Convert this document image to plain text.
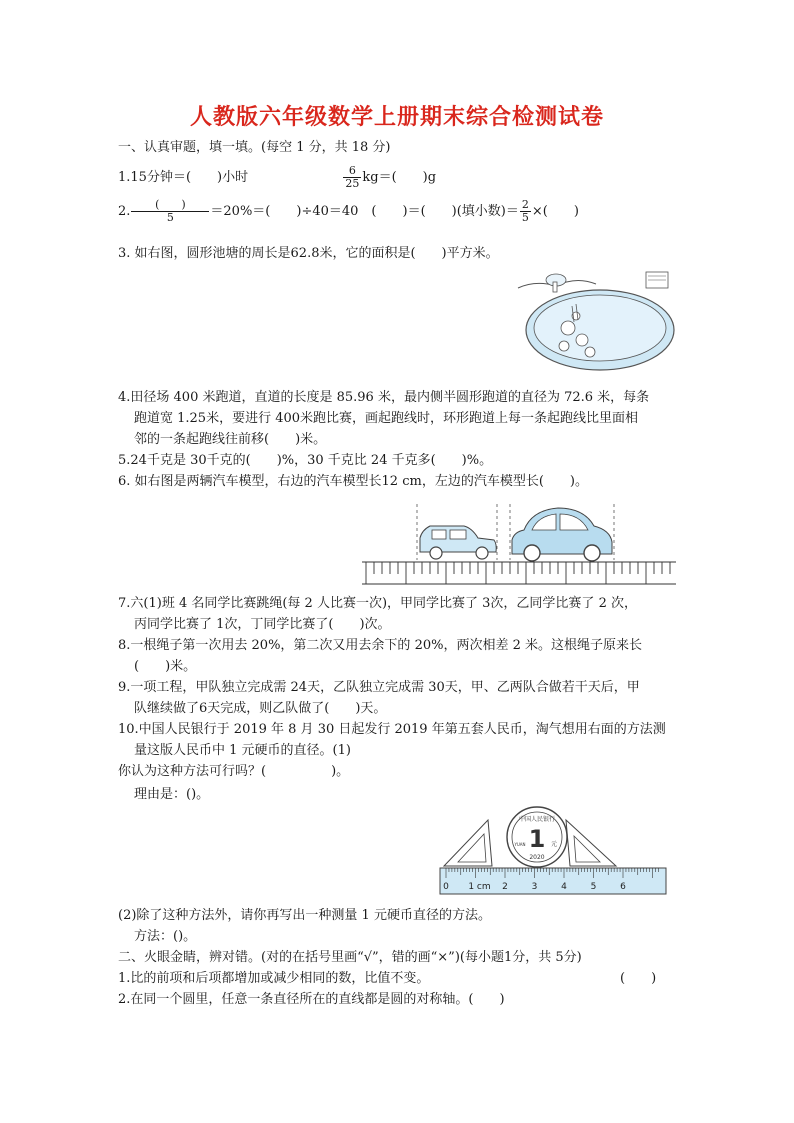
人教版六年级数学上册期末综合检测试卷
一、认真审题，填一填。(每空 1 分，共 18 分)
1.15分钟＝(　　)小时	$\frac{6}{25} kg=$(　　)g
2. $\frac{( )}{5} =20\%=$(　　)÷40＝40　(　　)＝(　　)(填小数)＝ $\frac{2}{5}$ ×(　　)
3. 如右图，圆形池塘的周长是62.8米，它的面积是(　　)平方米。
4.田径场 400 米跑道，直道的长度是 85.96 米，最内侧半圆形跑道的直径为 72.6 米，每条
跑道宽 1.25米，要进行 400米跑比赛，画起跑线时，环形跑道上每一条起跑线比里面相
邻的一条起跑线往前移(　　)米。
5.24千克是 30千克的(　　)%，30 千克比 24 千克多(　　)%。
6. 如右图是两辆汽车模型，右边的汽车模型长12 cm，左边的汽车模型长(　　)。
7.六(1)班 4 名同学比赛跳绳(每 2 人比赛一次)，甲同学比赛了 3次，乙同学比赛了 2 次，
丙同学比赛了 1次，丁同学比赛了(　　)次。
8.一根绳子第一次用去 20%，第二次又用去余下的 20%，两次相差 2 米。这根绳子原来长
(　　)米。
9.一项工程，甲队独立完成需 24天，乙队独立完成需 30天，甲、乙两队合做若干天后，甲
队继续做了6天完成，则乙队做了(　　)天。
10.中国人民银行于 2019 年 8 月 30 日起发行 2019 年第五套人民币，淘气想用右面的方法测
量这版人民币中 1 元硬币的直径。(1)
你认为这种方法可行吗？(　　　　　)。
理由是：()。
中国人民银行
1 元
YUAN
2020
0 1 cm 2	3	4	5	6
(2)除了这种方法外，请你再写出一种测量 1 元硬币直径的方法。
方法：()。
二、火眼金睛，辨对错。(对的在括号里画“√”，错的画“×”)(每小题1分，共 5分)
1.比的前项和后项都增加或减少相同的数，比值不变。	(　　)
2.在同一个圆里，任意一条直径所在的直线都是圆的对称轴。(　　)
